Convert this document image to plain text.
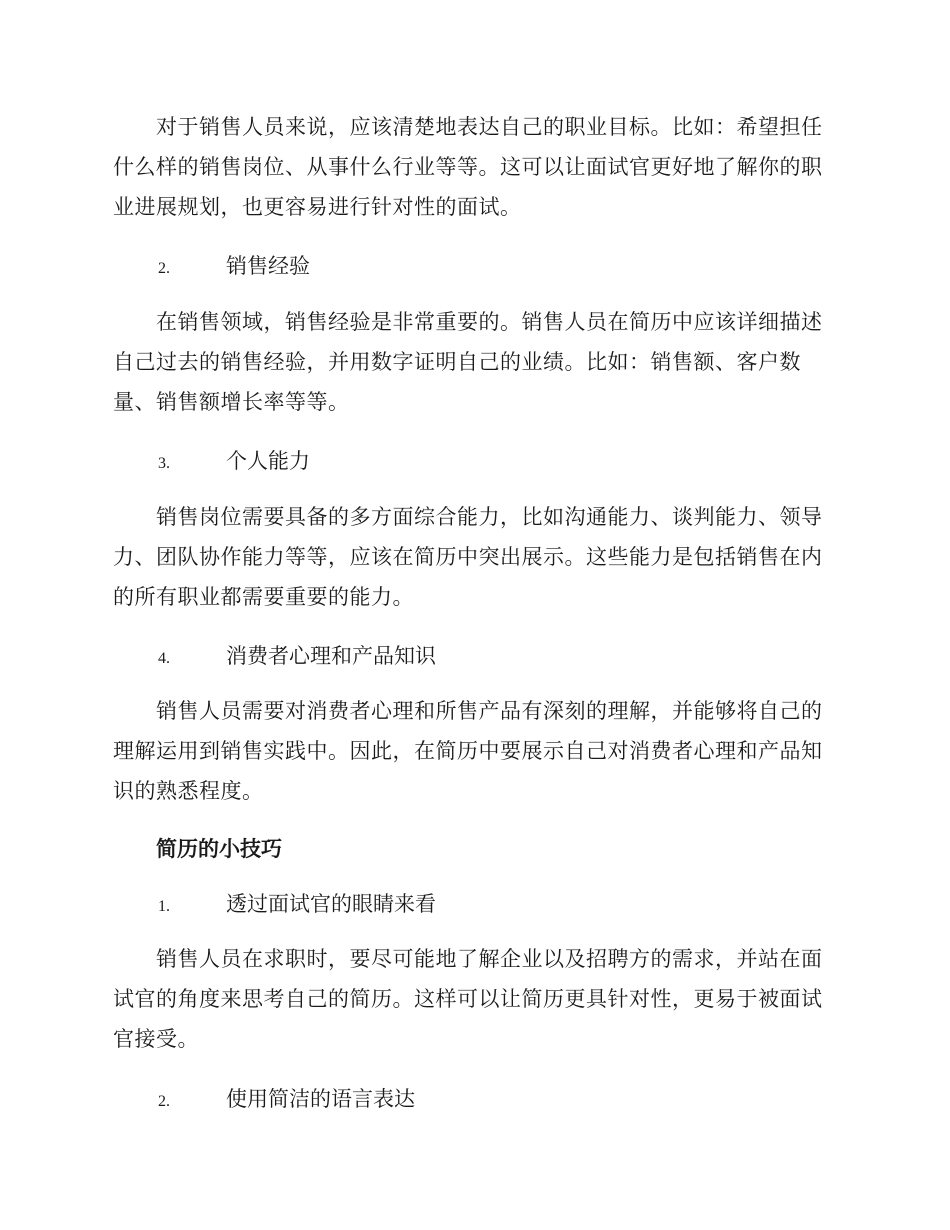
对于销售人员来说，应该清楚地表达自己的职业目标。比如：希望担任什么样的销售岗位、从事什么行业等等。这可以让面试官更好地了解你的职业进展规划，也更容易进行针对性的面试。

2.	销售经验

在销售领域，销售经验是非常重要的。销售人员在简历中应该详细描述自己过去的销售经验，并用数字证明自己的业绩。比如：销售额、客户数量、销售额增长率等等。

3.	个人能力

销售岗位需要具备的多方面综合能力，比如沟通能力、谈判能力、领导力、团队协作能力等等，应该在简历中突出展示。这些能力是包括销售在内的所有职业都需要重要的能力。

4.	消费者心理和产品知识

销售人员需要对消费者心理和所售产品有深刻的理解，并能够将自己的理解运用到销售实践中。因此，在简历中要展示自己对消费者心理和产品知识的熟悉程度。

简历的小技巧
1.	透过面试官的眼睛来看

销售人员在求职时，要尽可能地了解企业以及招聘方的需求，并站在面试官的角度来思考自己的简历。这样可以让简历更具针对性，更易于被面试官接受。

2.	使用简洁的语言表达
